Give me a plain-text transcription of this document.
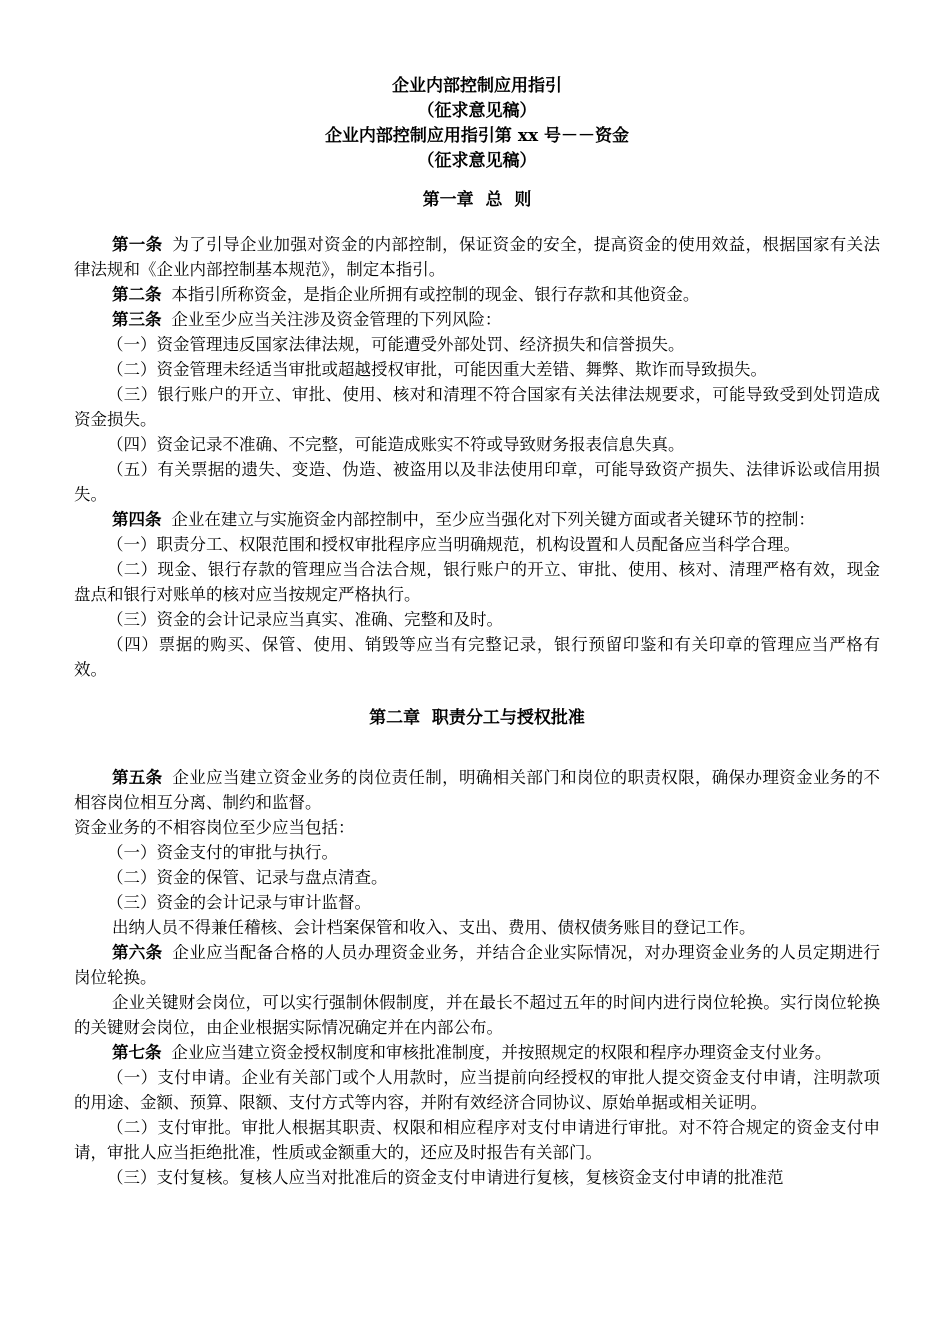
企业内部控制应用指引
（征求意见稿）
企业内部控制应用指引第 xx 号－－资金
（征求意见稿）
第一章  总  则

第一条 为了引导企业加强对资金的内部控制，保证资金的安全，提高资金的使用效益，根据国家有关法律法规和《企业内部控制基本规范》，制定本指引。

第二条 本指引所称资金，是指企业所拥有或控制的现金、银行存款和其他资金。

第三条 企业至少应当关注涉及资金管理的下列风险：

（一）资金管理违反国家法律法规，可能遭受外部处罚、经济损失和信誉损失。

（二）资金管理未经适当审批或超越授权审批，可能因重大差错、舞弊、欺诈而导致损失。

（三）银行账户的开立、审批、使用、核对和清理不符合国家有关法律法规要求，可能导致受到处罚造成资金损失。

（四）资金记录不准确、不完整，可能造成账实不符或导致财务报表信息失真。

（五）有关票据的遗失、变造、伪造、被盗用以及非法使用印章，可能导致资产损失、法律诉讼或信用损失。

第四条 企业在建立与实施资金内部控制中，至少应当强化对下列关键方面或者关键环节的控制：

（一）职责分工、权限范围和授权审批程序应当明确规范，机构设置和人员配备应当科学合理。

（二）现金、银行存款的管理应当合法合规，银行账户的开立、审批、使用、核对、清理严格有效，现金盘点和银行对账单的核对应当按规定严格执行。

（三）资金的会计记录应当真实、准确、完整和及时。

（四）票据的购买、保管、使用、销毁等应当有完整记录，银行预留印鉴和有关印章的管理应当严格有效。

第二章  职责分工与授权批准

第五条 企业应当建立资金业务的岗位责任制，明确相关部门和岗位的职责权限，确保办理资金业务的不相容岗位相互分离、制约和监督。

资金业务的不相容岗位至少应当包括：

（一）资金支付的审批与执行。

（二）资金的保管、记录与盘点清查。

（三）资金的会计记录与审计监督。

出纳人员不得兼任稽核、会计档案保管和收入、支出、费用、债权债务账目的登记工作。

第六条 企业应当配备合格的人员办理资金业务，并结合企业实际情况，对办理资金业务的人员定期进行岗位轮换。

企业关键财会岗位，可以实行强制休假制度，并在最长不超过五年的时间内进行岗位轮换。实行岗位轮换的关键财会岗位，由企业根据实际情况确定并在内部公布。

第七条 企业应当建立资金授权制度和审核批准制度，并按照规定的权限和程序办理资金支付业务。

（一）支付申请。企业有关部门或个人用款时，应当提前向经授权的审批人提交资金支付申请，注明款项的用途、金额、预算、限额、支付方式等内容，并附有效经济合同协议、原始单据或相关证明。

（二）支付审批。审批人根据其职责、权限和相应程序对支付申请进行审批。对不符合规定的资金支付申请，审批人应当拒绝批准，性质或金额重大的，还应及时报告有关部门。

（三）支付复核。复核人应当对批准后的资金支付申请进行复核，复核资金支付申请的批准范
